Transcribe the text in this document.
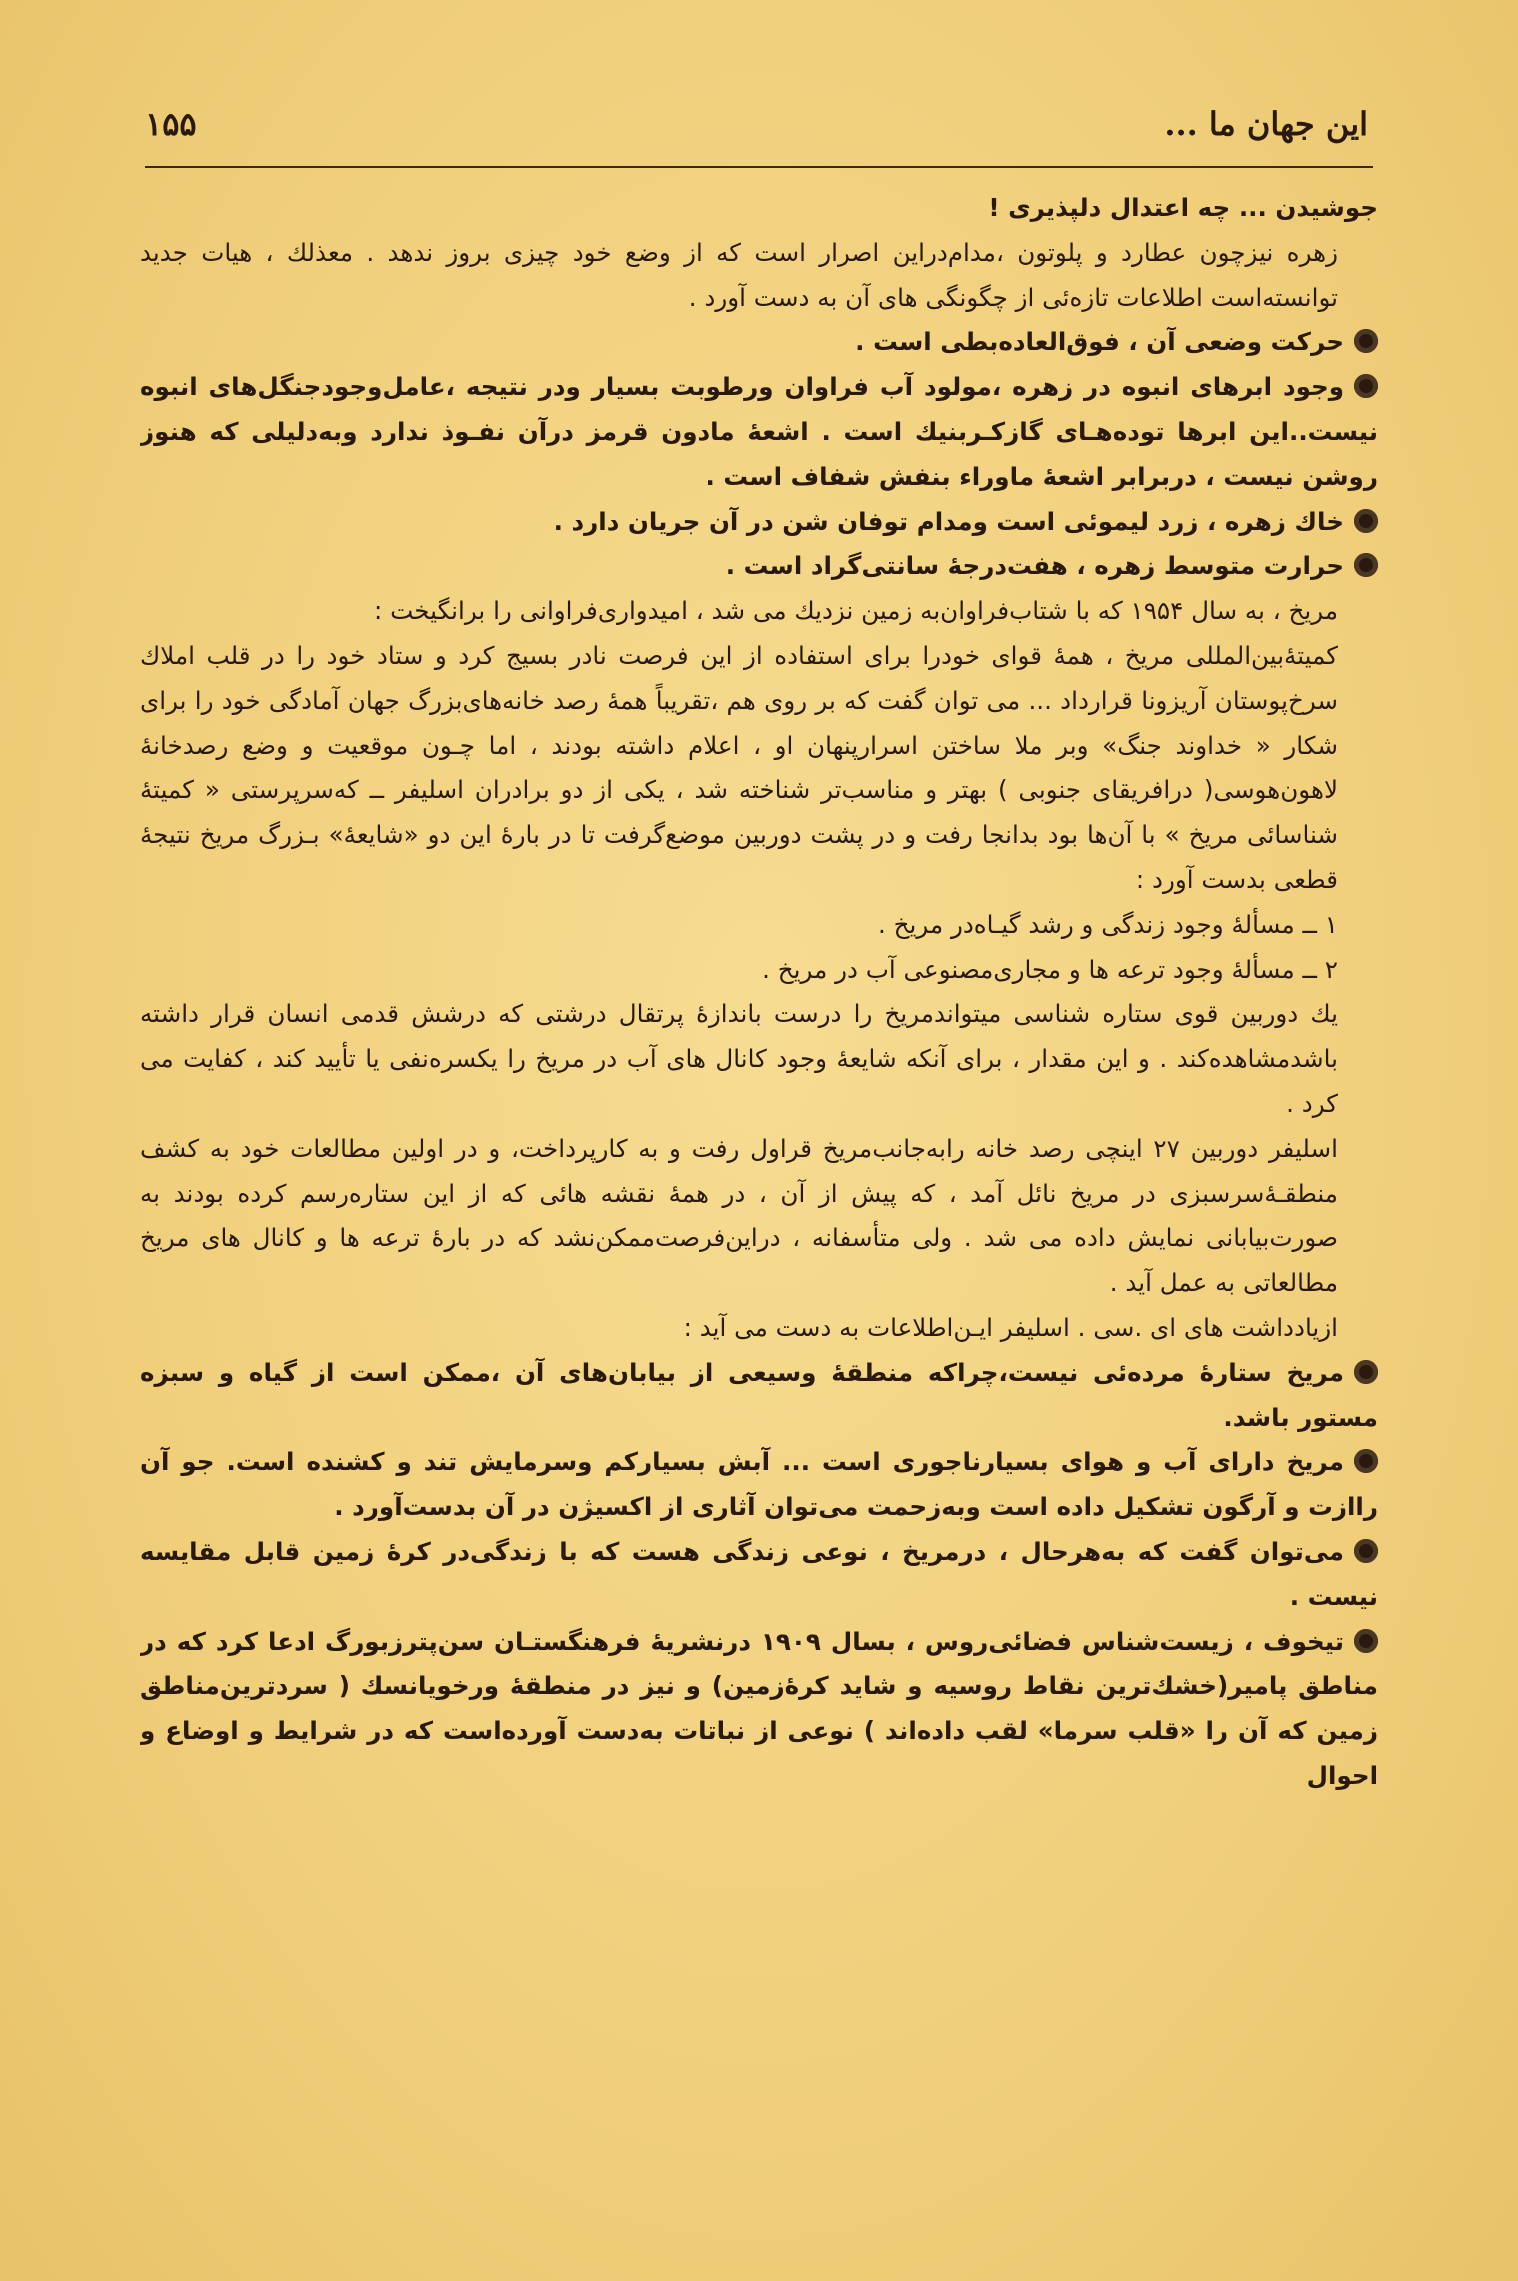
۱۵۵	این جهان ما ...

جوشیدن ... چه اعتدال دلپذیری !

زهره نیزچون عطارد و پلوتون ،مدام‌دراین اصرار است که از وضع خود چیزی بروز ندهد . معذلك ، هیات جدید توانسته‌است اطلاعات تازه‌ئی از چگونگی های آن به دست آورد .

حرکت وضعی آن ، فوق‌العاده‌بطی است .

وجود ابرهای انبوه در زهره ،مولود آب فراوان ورطوبت بسیار ودر نتیجه ،عامل‌وجودجنگل‌های انبوه نیست..این ابرها توده‌هـای گازکـربنیك است . اشعهٔ مادون قرمز درآن نفـوذ ندارد وبه‌دلیلی که هنوز روشن نیست ، دربرابر اشعهٔ ماوراء بنفش شفاف است .

خاك زهره ، زرد لیموئی است ومدام توفان شن در آن جریان دارد .

حرارت متوسط زهره ، هفت‌درجهٔ سانتی‌گراد است .

مریخ ، به سال ۱۹۵۴ که با شتاب‌فراوان‌به زمین نزدیك می شد ، امیدواری‌فراوانی را برانگیخت :

کمیتهٔ‌بین‌المللی مریخ ، همهٔ قوای خودرا برای استفاده از این فرصت نادر بسیج کرد و ستاد خود را در قلب املاك سرخ‌پوستان آریزونا قرارداد ... می توان گفت که بر روی هم ،تقریباً همهٔ رصد خانه‌های‌بزرگ جهان آمادگی خود را برای شکار « خداوند جنگ» وبر ملا ساختن اسرارپنهان او ، اعلام داشته بودند ، اما چـون موقعیت و وضع رصدخانهٔ لاهون‌هوسی( درافریقای جنوبی ) بهتر و مناسب‌تر شناخته شد ، یکی از دو برادران اسلیفر ــ که‌سرپرستی « کمیتهٔ شناسائی مریخ » با آن‌ها بود بدانجا رفت و در پشت دوربین موضع‌گرفت تا در بارهٔ این دو «شایعهٔ» بـزرگ مریخ نتیجهٔ قطعی بدست آورد :

۱ ــ مسألهٔ وجود زندگی و رشد گیـاه‌در مریخ .

۲ ــ مسألهٔ وجود ترعه ها و مجاری‌مصنوعی آب در مریخ .

یك دوربین قوی ستاره شناسی میتواندمریخ را درست باندازهٔ پرتقال درشتی که درشش قدمی انسان قرار داشته باشدمشاهده‌کند . و این مقدار ، برای آنکه شایعهٔ وجود کانال های آب در مریخ را یکسره‌نفی یا تأیید کند ، کفایت می کرد .

اسلیفر دوربین ۲۷ اینچی رصد خانه رابه‌جانب‌مریخ قراول رفت و به کارپرداخت، و در اولین مطالعات خود به کشف منطقـهٔ‌سرسبزی در مریخ نائل آمد ، که پیش از آن ، در همهٔ نقشه هائی که از این ستاره‌رسم کرده بودند به صورت‌بیابانی نمایش داده می شد . ولی متأسفانه ، دراین‌فرصت‌ممکن‌نشد که در بارهٔ ترعه ها و کانال های مریخ مطالعاتی به عمل آید .

ازیادداشت های ای .سی . اسلیفر ایـن‌اطلاعات به دست می آید :

مریخ ستارهٔ مرده‌ئی نیست،چراکه منطقهٔ وسیعی از بیابان‌های آن ،ممکن است از گیاه و سبزه مستور باشد.

مریخ دارای آب و هوای بسیارناجوری است ... آبش بسیارکم وسرمایش تند و کشنده است. جو آن راازت و آرگون تشکیل داده است وبه‌زحمت می‌توان آثاری از اکسیژن در آن بدست‌آورد .

می‌توان گفت که به‌هرحال ، درمریخ ، نوعی زندگی هست که با زندگی‌در کرهٔ زمین قابل مقایسه نیست .

تیخوف ، زیست‌شناس فضائی‌روس ، بسال ۱۹۰۹ درنشریهٔ فرهنگستـان سن‌پترزبورگ ادعا کرد که در مناطق پامیر(خشك‌ترین نقاط روسیه و شاید کرهٔ‌زمین) و نیز در منطقهٔ ورخویانسك ( سردترین‌مناطق زمین که آن را «قلب سرما» لقب داده‌اند ) نوعی از نباتات به‌دست آورده‌است که در شرایط و اوضاع و احوال
